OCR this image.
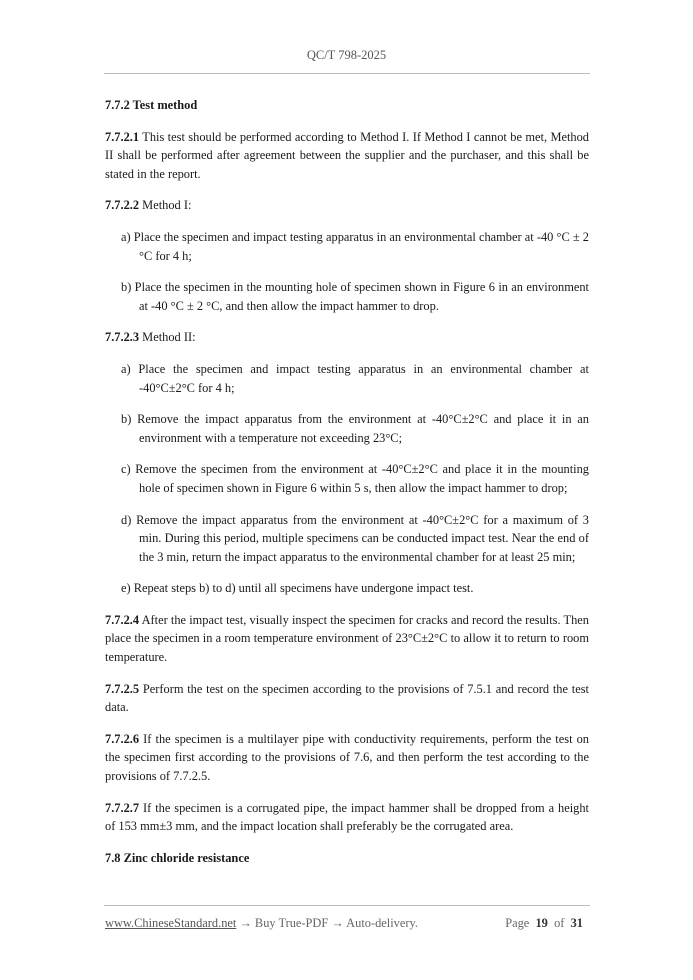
QC/T 798-2025

7.7.2 Test method

7.7.2.1 This test should be performed according to Method I. If Method I cannot be met, Method II shall be performed after agreement between the supplier and the purchaser, and this shall be stated in the report.

7.7.2.2 Method I:

a) Place the specimen and impact testing apparatus in an environmental chamber at -40 °C ± 2 °C for 4 h;

b) Place the specimen in the mounting hole of specimen shown in Figure 6 in an environment at -40 °C ± 2 °C, and then allow the impact hammer to drop.

7.7.2.3 Method II:

a) Place the specimen and impact testing apparatus in an environmental chamber at -40°C±2°C for 4 h;

b) Remove the impact apparatus from the environment at -40°C±2°C and place it in an environment with a temperature not exceeding 23°C;

c) Remove the specimen from the environment at -40°C±2°C and place it in the mounting hole of specimen shown in Figure 6 within 5 s, then allow the impact hammer to drop;

d) Remove the impact apparatus from the environment at -40°C±2°C for a maximum of 3 min. During this period, multiple specimens can be conducted impact test. Near the end of the 3 min, return the impact apparatus to the environmental chamber for at least 25 min;

e) Repeat steps b) to d) until all specimens have undergone impact test.

7.7.2.4 After the impact test, visually inspect the specimen for cracks and record the results. Then place the specimen in a room temperature environment of 23°C±2°C to allow it to return to room temperature.

7.7.2.5 Perform the test on the specimen according to the provisions of 7.5.1 and record the test data.

7.7.2.6 If the specimen is a multilayer pipe with conductivity requirements, perform the test on the specimen first according to the provisions of 7.6, and then perform the test according to the provisions of 7.7.2.5.

7.7.2.7 If the specimen is a corrugated pipe, the impact hammer shall be dropped from a height of 153 mm±3 mm, and the impact location shall preferably be the corrugated area.

7.8 Zinc chloride resistance

www.ChineseStandard.net → Buy True-PDF → Auto-delivery.	Page 19 of 31
